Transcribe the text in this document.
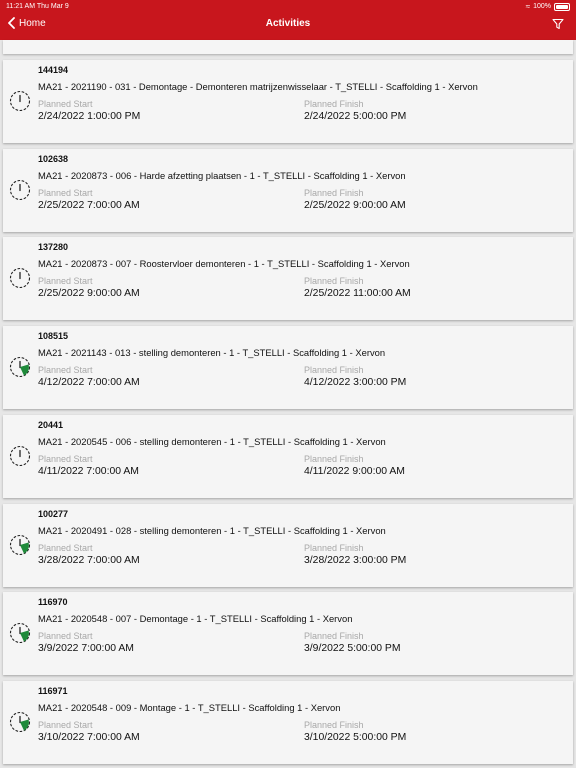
11:21 AM Thu Mar 9	≈ 100%
Home	Activities
144194
MA21 - 2021190 - 031 - Demontage - Demonteren matrijzenwisselaar - T_STELLI - Scaffolding 1 - Xervon
Planned Start
2/24/2022 1:00:00 PM
Planned Finish
2/24/2022 5:00:00 PM
102638
MA21 - 2020873 - 006 - Harde afzetting plaatsen - 1 - T_STELLI - Scaffolding 1 - Xervon
Planned Start
2/25/2022 7:00:00 AM
Planned Finish
2/25/2022 9:00:00 AM
137280
MA21 - 2020873 - 007 - Roostervloer demonteren - 1 - T_STELLI - Scaffolding 1 - Xervon
Planned Start
2/25/2022 9:00:00 AM
Planned Finish
2/25/2022 11:00:00 AM
108515
MA21 - 2021143 - 013 - stelling demonteren - 1 - T_STELLI - Scaffolding 1 - Xervon
Planned Start
4/12/2022 7:00:00 AM
Planned Finish
4/12/2022 3:00:00 PM
20441
MA21 - 2020545 - 006 - stelling demonteren - 1 - T_STELLI - Scaffolding 1 - Xervon
Planned Start
4/11/2022 7:00:00 AM
Planned Finish
4/11/2022 9:00:00 AM
100277
MA21 - 2020491 - 028 - stelling demonteren - 1 - T_STELLI - Scaffolding 1 - Xervon
Planned Start
3/28/2022 7:00:00 AM
Planned Finish
3/28/2022 3:00:00 PM
116970
MA21 - 2020548 - 007 - Demontage - 1 - T_STELLI - Scaffolding 1 - Xervon
Planned Start
3/9/2022 7:00:00 AM
Planned Finish
3/9/2022 5:00:00 PM
116971
MA21 - 2020548 - 009 - Montage - 1 - T_STELLI - Scaffolding 1 - Xervon
Planned Start
3/10/2022 7:00:00 AM
Planned Finish
3/10/2022 5:00:00 PM
